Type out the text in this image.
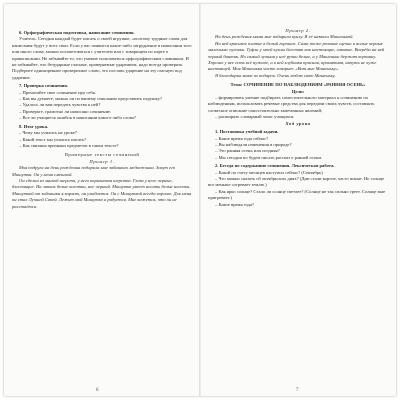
6. Орфографическая подготовка, написание сочинения.

Учитель. Сегодня каждый будет писать о своей игрушке, «поэтому трудные слова для написания будут у всех свои. Если у вас появится какое-либо затруднение в написании того или иного слова, можно посоветоваться с учителем или с товарищем по парте о правописании. Не забывайте то, что умение пользоваться орфографическим словником. И не забывайте, что безударные гласные, проверяемые ударением, надо всегда проверять. Подберите однокоренное проверочное слово, это поставь ударение на эту гласную под ударение.

7. Проверка сочинения.

– Прочитайте свое сочинение про себя.

– Как вы думаете, можно ли по вашему описанию представить игрушку?

– Удалось ли вам передать чувства к ней?

– Проверьте, грамотно ли написано сочинение.

– Все ли учащиеся ошибок в написании какого-либо слова?

8. Итог урока.

– Чему мы учились на уроке?

– Какой текст мы учились писать?

– Как связаны признаки предметов в таком тексте?

Примерные тексты сочинений

Пример 1.

Моя подруга на день рождения подарила мне забавного медвежонка. Зовут его Мишутка. Он у меня смешной.

Он сделан из мягкой шерсти, у него коричневая шерстка. Глаза у него черные, блестящие. На лапках белые коготки, нос черный. Мишутка умеет носить белые носочки. Мишуткой от зайчишки я кормлю, он улыбается. Он с Мишуткой всегда хорошо. Для меня он стал Лучшей Своей. Лежит мой Мишутка и радуется. Мне кажется, что он не расстаётся.

6

Пример 2.

На день рождения мама мне подарила куклу. Я её назвала Машенькой.

На ней красивое платье в белый горошек. Сама тоже розовые щечки и ясные черные маленькие пуговки. Туфли у моей куклы блестят как настоящие, лаковые. Вперёди на ней черный бантик. Но самый лучшая у неё ручки белые, а у Машеньки держит корзинку. Хорошо у нее есть всё нужное, а в ней клубника красная, ароматная, ничуть не хуже настоящей. Моя Машенька часто говорит: «Вот мне Машеньку».

Я благодарна маме за подарок. Очень люблю свою Машеньку.

Тема: СОЧИНЕНИЕ ПО НАБЛЮДЕНИЯМ «РАННЯЯ ОСЕНЬ»

Цели:

– формировать умение подбирать самостоятельного материал к сочинению по наблюдениям, использовать речевые средства для передачи своих чувств, составлять словесное описание самостоятельно замеченных явлений;

– расширять словарный запас учащихся.

Ход урока

1. Постановка учебной задачи.

– Какое время года сейчас?

– Вы наблюдали изменения в природе?

– Это ранняя осень или поздняя?

– Мы сегодня по будем писать рассказ о ранней осени.

2. Беседа по содержанию сочинения. Лексическая работа.

– Какой по счету месяцев наступил сейчас? (Сентябрь)

– Что можно сказать об октябрьских днях? (Дни стали короче, часто ясные. Но солнце все меньше согревает землю.)

– Как ярко солнце? Стало ли солнце светлее? (Солнце не так сильно греет. Солнце мне пригревает.)

– Какое время года?

7
